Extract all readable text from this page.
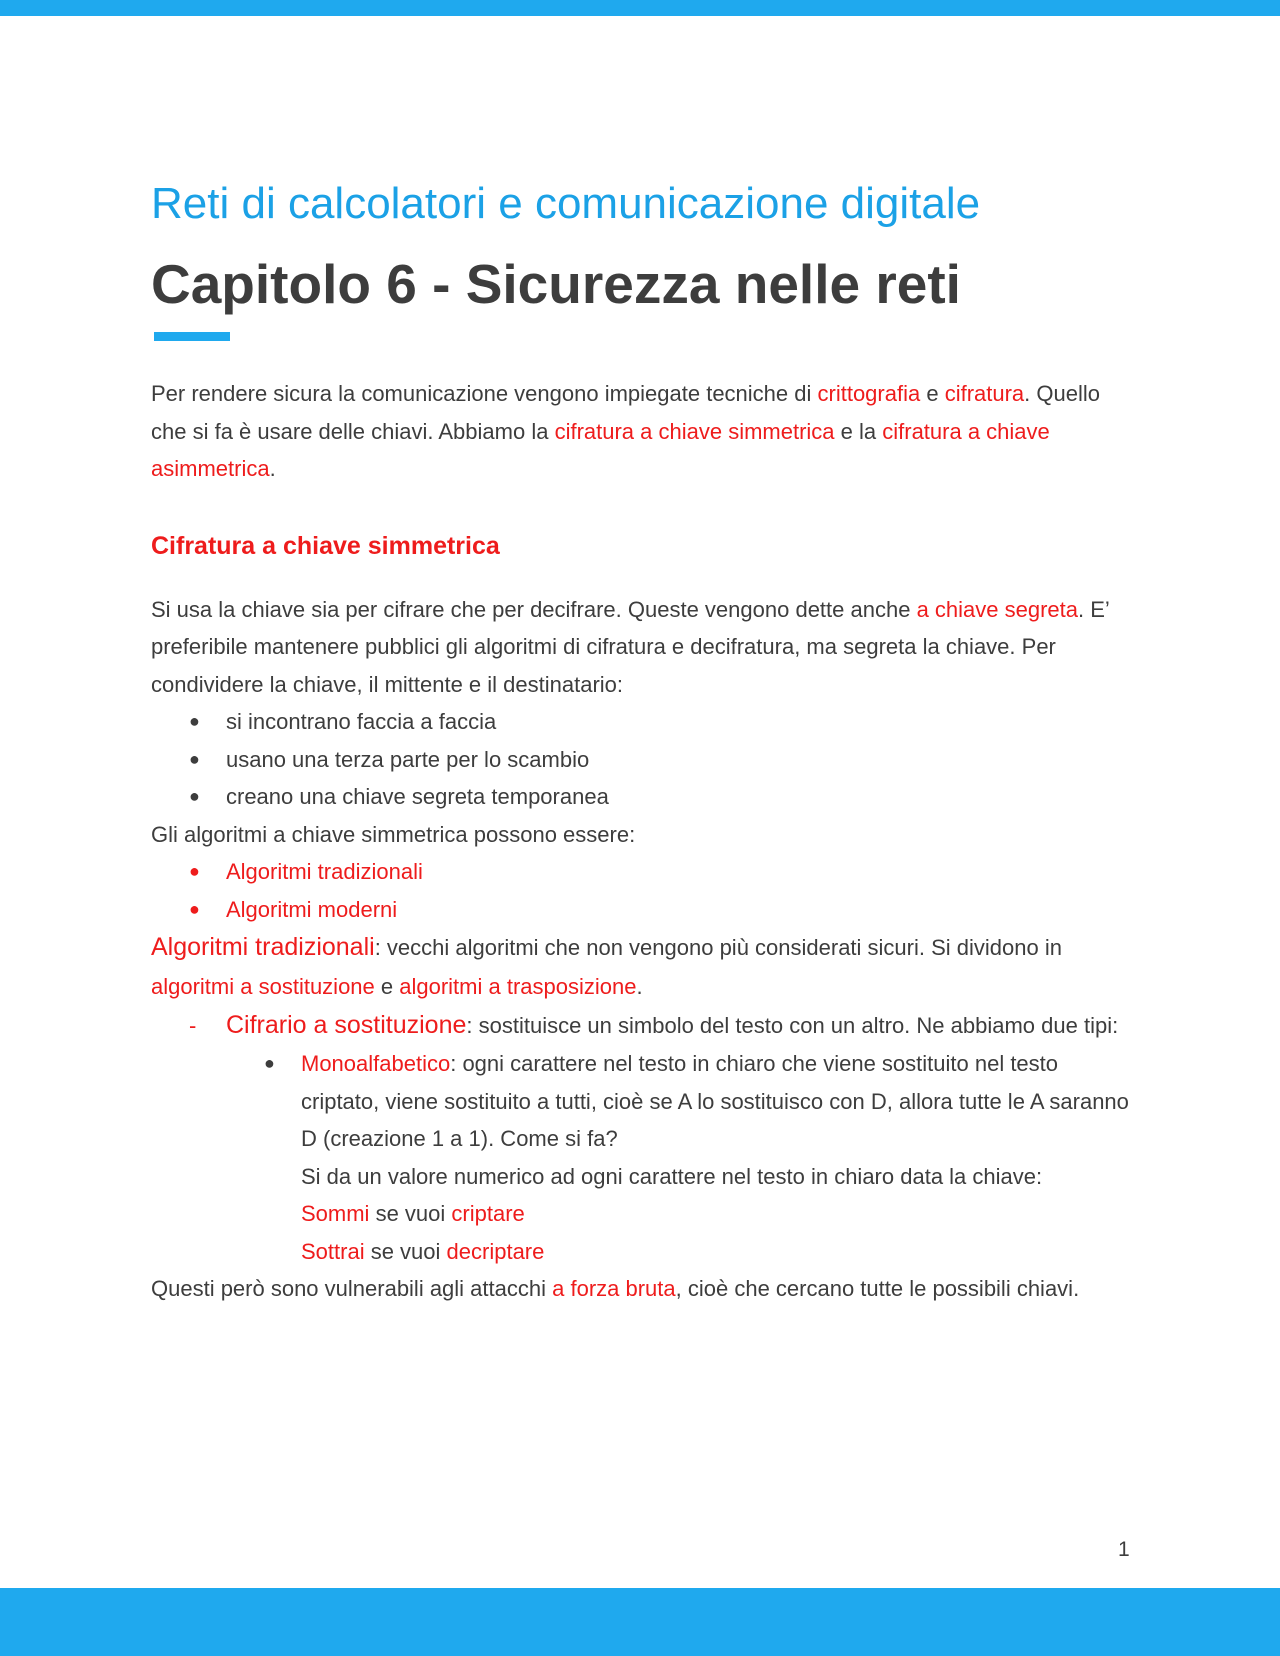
Reti di calcolatori e comunicazione digitale
Capitolo 6 - Sicurezza nelle reti

Per rendere sicura la comunicazione vengono impiegate tecniche di crittografia e cifratura. Quello che si fa è usare delle chiavi. Abbiamo la cifratura a chiave simmetrica e la cifratura a chiave asimmetrica.

Cifratura a chiave simmetrica

Si usa la chiave sia per cifrare che per decifrare. Queste vengono dette anche a chiave segreta. E’ preferibile mantenere pubblici gli algoritmi di cifratura e decifratura, ma segreta la chiave. Per condividere la chiave, il mittente e il destinatario:

● si incontrano faccia a faccia
● usano una terza parte per lo scambio
● creano una chiave segreta temporanea

Gli algoritmi a chiave simmetrica possono essere:

● Algoritmi tradizionali
● Algoritmi moderni

Algoritmi tradizionali: vecchi algoritmi che non vengono più considerati sicuri. Si dividono in algoritmi a sostituzione e algoritmi a trasposizione.

- Cifrario a sostituzione: sostituisce un simbolo del testo con un altro. Ne abbiamo due tipi:
● Monoalfabetico: ogni carattere nel testo in chiaro che viene sostituito nel testo criptato, viene sostituito a tutti, cioè se A lo sostituisco con D, allora tutte le A saranno D (creazione 1 a 1). Come si fa?
Si da un valore numerico ad ogni carattere nel testo in chiaro data la chiave:
Sommi se vuoi criptare
Sottrai se vuoi decriptare

Questi però sono vulnerabili agli attacchi a forza bruta, cioè che cercano tutte le possibili chiavi.

1
